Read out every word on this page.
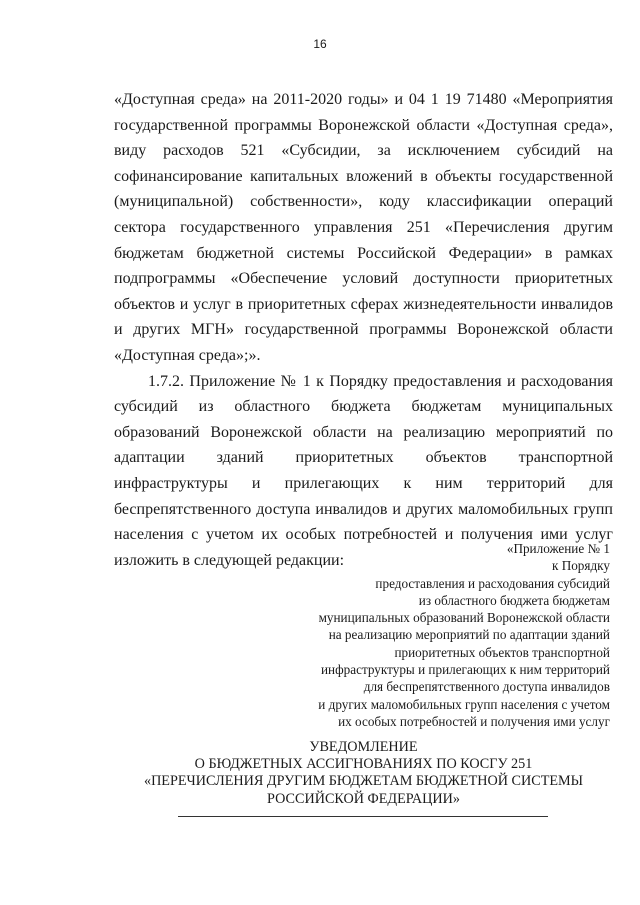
16

«Доступная среда» на 2011-2020 годы» и 04 1 19 71480 «Мероприятия государственной программы Воронежской области «Доступная среда», виду расходов 521 «Субсидии, за исключением субсидий на софинансирование капитальных вложений в объекты государственной (муниципальной) собственности», коду классификации операций сектора государственного управления 251 «Перечисления другим бюджетам бюджетной системы Российской Федерации» в рамках подпрограммы «Обеспечение условий доступности приоритетных объектов и услуг в приоритетных сферах жизнедеятельности инвалидов и других МГН» государственной программы Воронежской области «Доступная среда»;».

1.7.2. Приложение № 1 к Порядку предоставления и расходования субсидий из областного бюджета бюджетам муниципальных образований Воронежской области на реализацию мероприятий по адаптации зданий приоритетных объектов транспортной инфраструктуры и прилегающих к ним территорий для беспрепятственного доступа инвалидов и других маломобильных групп населения с учетом их особых потребностей и получения ими услуг изложить в следующей редакции:

«Приложение № 1
к Порядку
предоставления и расходования субсидий
из областного бюджета бюджетам
муниципальных образований Воронежской области
на реализацию мероприятий по адаптации зданий
приоритетных объектов транспортной
инфраструктуры и прилегающих к ним территорий
для беспрепятственного доступа инвалидов
и других маломобильных групп населения с учетом
их особых потребностей и получения ими услуг
УВЕДОМЛЕНИЕ
О БЮДЖЕТНЫХ АССИГНОВАНИЯХ ПО КОСГУ 251
«ПЕРЕЧИСЛЕНИЯ ДРУГИМ БЮДЖЕТАМ БЮДЖЕТНОЙ СИСТЕМЫ
РОССИЙСКОЙ ФЕДЕРАЦИИ»
